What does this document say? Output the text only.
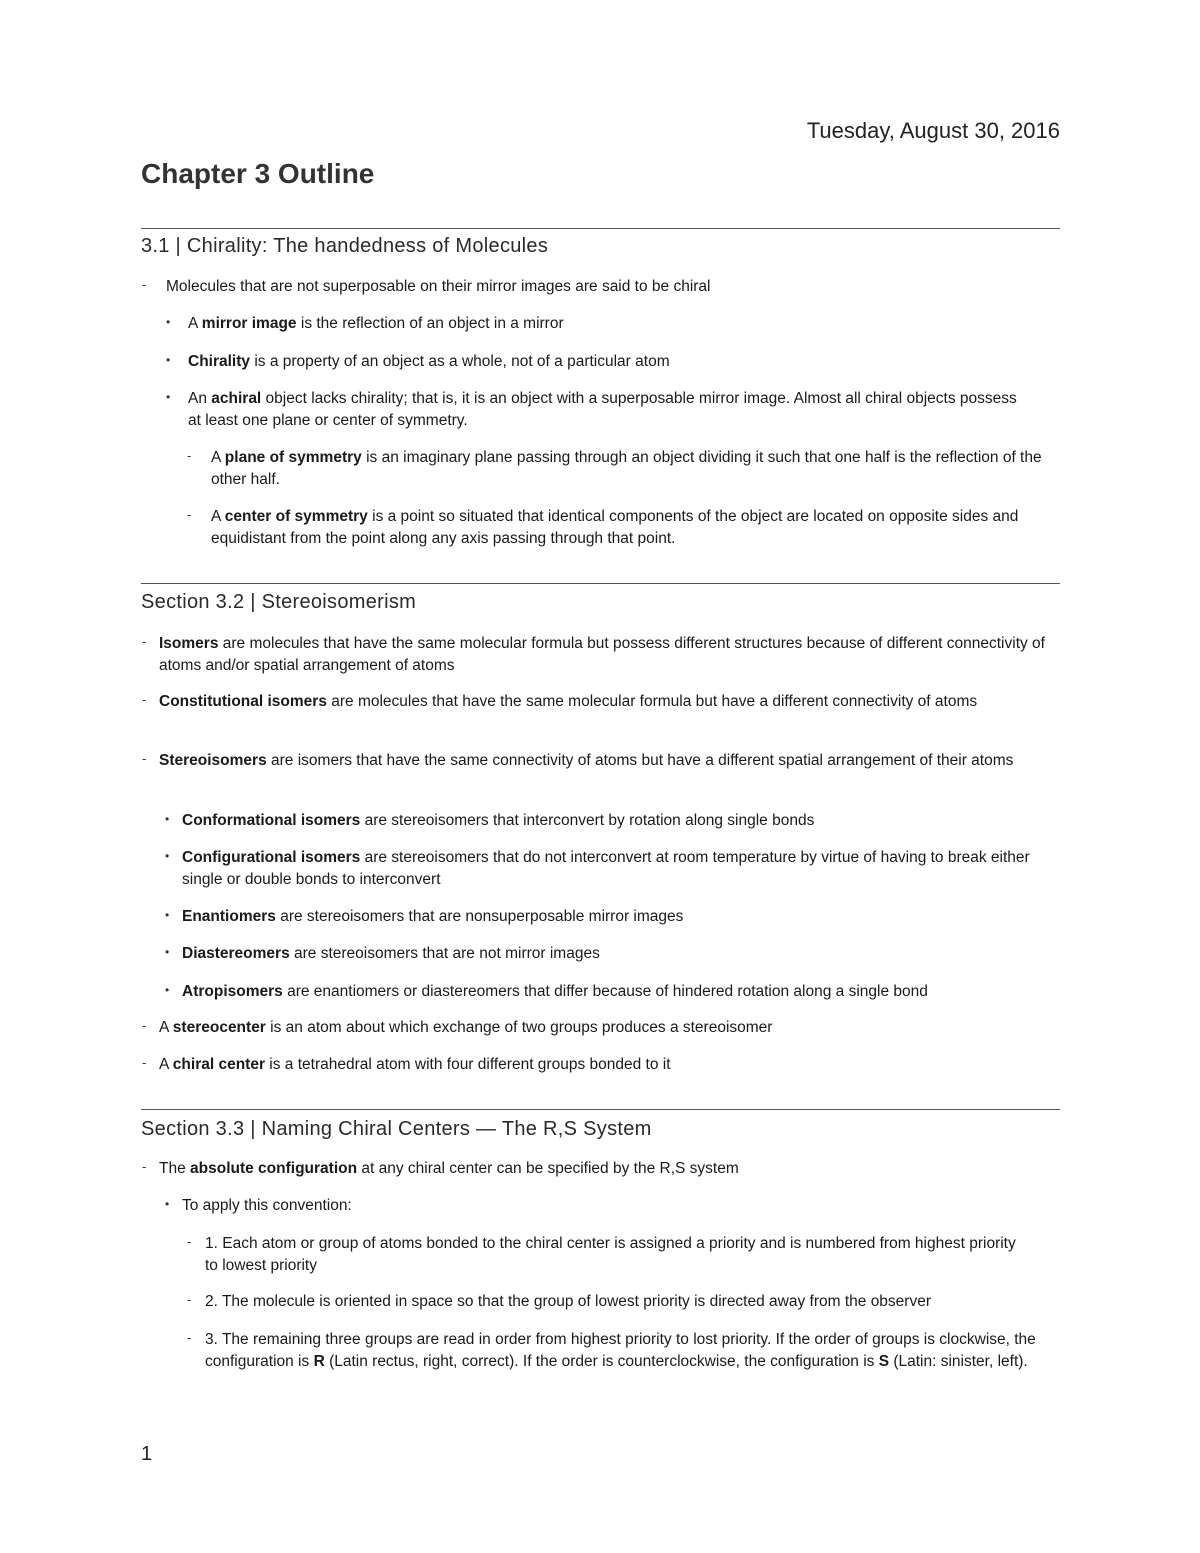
Tuesday, August 30, 2016
Chapter 3 Outline
3.1 | Chirality: The handedness of Molecules
- Molecules that are not superposable on their mirror images are said to be chiral
• A mirror image is the reflection of an object in a mirror
• Chirality is a property of an object as a whole, not of a particular atom
• An achiral object lacks chirality; that is, it is an object with a superposable mirror image. Almost all chiral objects possess at least one plane or center of symmetry.
- A plane of symmetry is an imaginary plane passing through an object dividing it such that one half is the reflection of the other half.
- A center of symmetry is a point so situated that identical components of the object are located on opposite sides and equidistant from the point along any axis passing through that point.
Section 3.2 | Stereoisomerism
- Isomers are molecules that have the same molecular formula but possess different structures because of different connectivity of atoms and/or spatial arrangement of atoms
- Constitutional isomers are molecules that have the same molecular formula but have a different connectivity of atoms
- Stereoisomers are isomers that have the same connectivity of atoms but have a different spatial arrangement of their atoms
• Conformational isomers are stereoisomers that interconvert by rotation along single bonds
• Configurational isomers are stereoisomers that do not interconvert at room temperature by virtue of having to break either single or double bonds to interconvert
• Enantiomers are stereoisomers that are nonsuperposable mirror images
• Diastereomers are stereoisomers that are not mirror images
• Atropisomers are enantiomers or diastereomers that differ because of hindered rotation along a single bond
- A stereocenter is an atom about which exchange of two groups produces a stereoisomer
- A chiral center is a tetrahedral atom with four different groups bonded to it
Section 3.3 | Naming Chiral Centers — The R,S System
- The absolute configuration at any chiral center can be specified by the R,S system
• To apply this convention:
- 1. Each atom or group of atoms bonded to the chiral center is assigned a priority and is numbered from highest priority to lowest priority
- 2. The molecule is oriented in space so that the group of lowest priority is directed away from the observer
- 3. The remaining three groups are read in order from highest priority to lost priority. If the order of groups is clockwise, the configuration is R (Latin rectus, right, correct). If the order is counterclockwise, the configuration is S (Latin: sinister, left).
1
